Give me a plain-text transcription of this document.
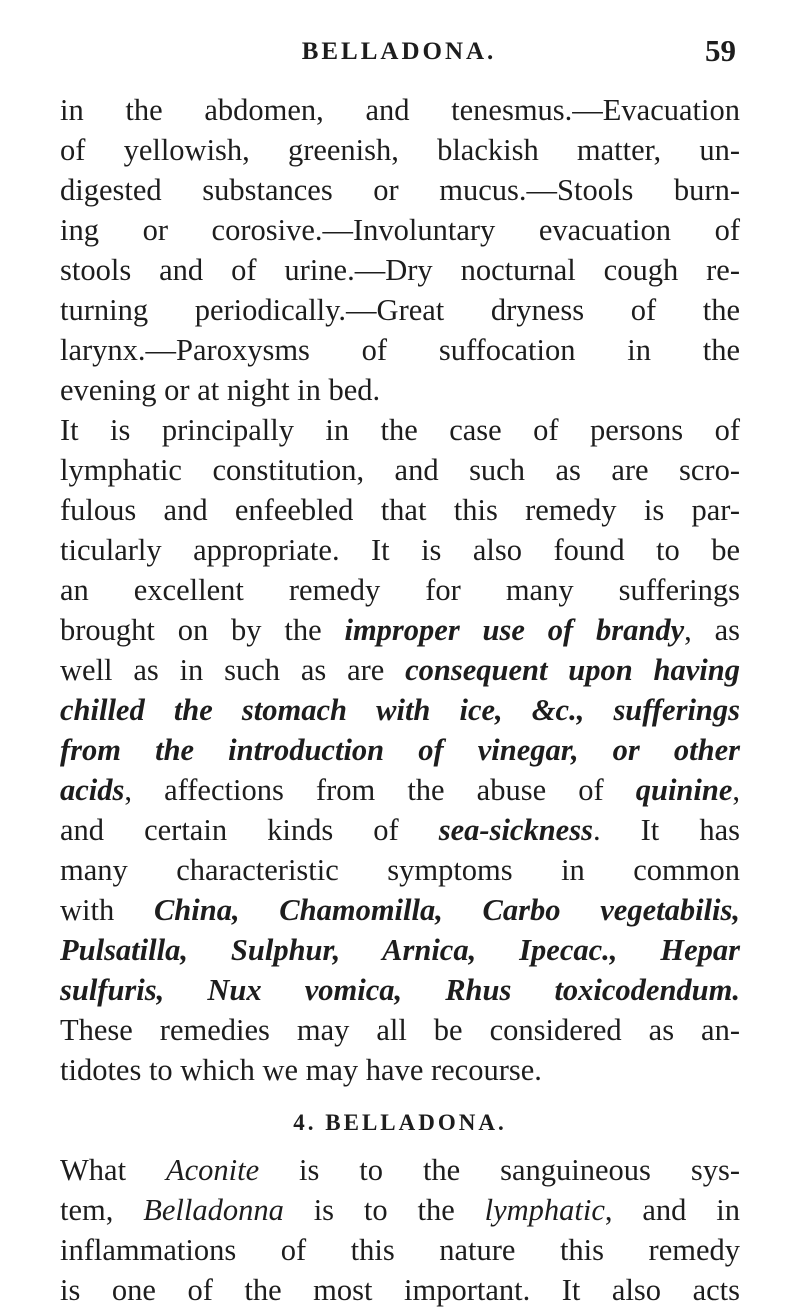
BELLADONA.	59
in the abdomen, and tenesmus.—Evacuation
of yellowish, greenish, blackish matter, un-
digested substances or mucus.—Stools burn-
ing or corosive.—Involuntary evacuation of
stools and of urine.—Dry nocturnal cough re-
turning periodically.—Great dryness of the
larynx.—Paroxysms of suffocation in the
evening or at night in bed.
It is principally in the case of persons of
lymphatic constitution, and such as are scro-
fulous and enfeebled that this remedy is par-
ticularly appropriate. It is also found to be
an excellent remedy for many sufferings
brought on by the improper use of brandy, as
well as in such as are consequent upon having
chilled the stomach with ice, &c., sufferings
from the introduction of vinegar, or other
acids, affections from the abuse of quinine,
and certain kinds of sea-sickness. It has
many characteristic symptoms in common
with China, Chamomilla, Carbo vegetabilis,
Pulsatilla, Sulphur, Arnica, Ipecac., Hepar
sulfuris, Nux vomica, Rhus toxicodendum.
These remedies may all be considered as an-
tidotes to which we may have recourse.
4. BELLADONA.
What Aconite is to the sanguineous sys-
tem, Belladonna is to the lymphatic, and in
inflammations of this nature this remedy
is one of the most important. It also acts
